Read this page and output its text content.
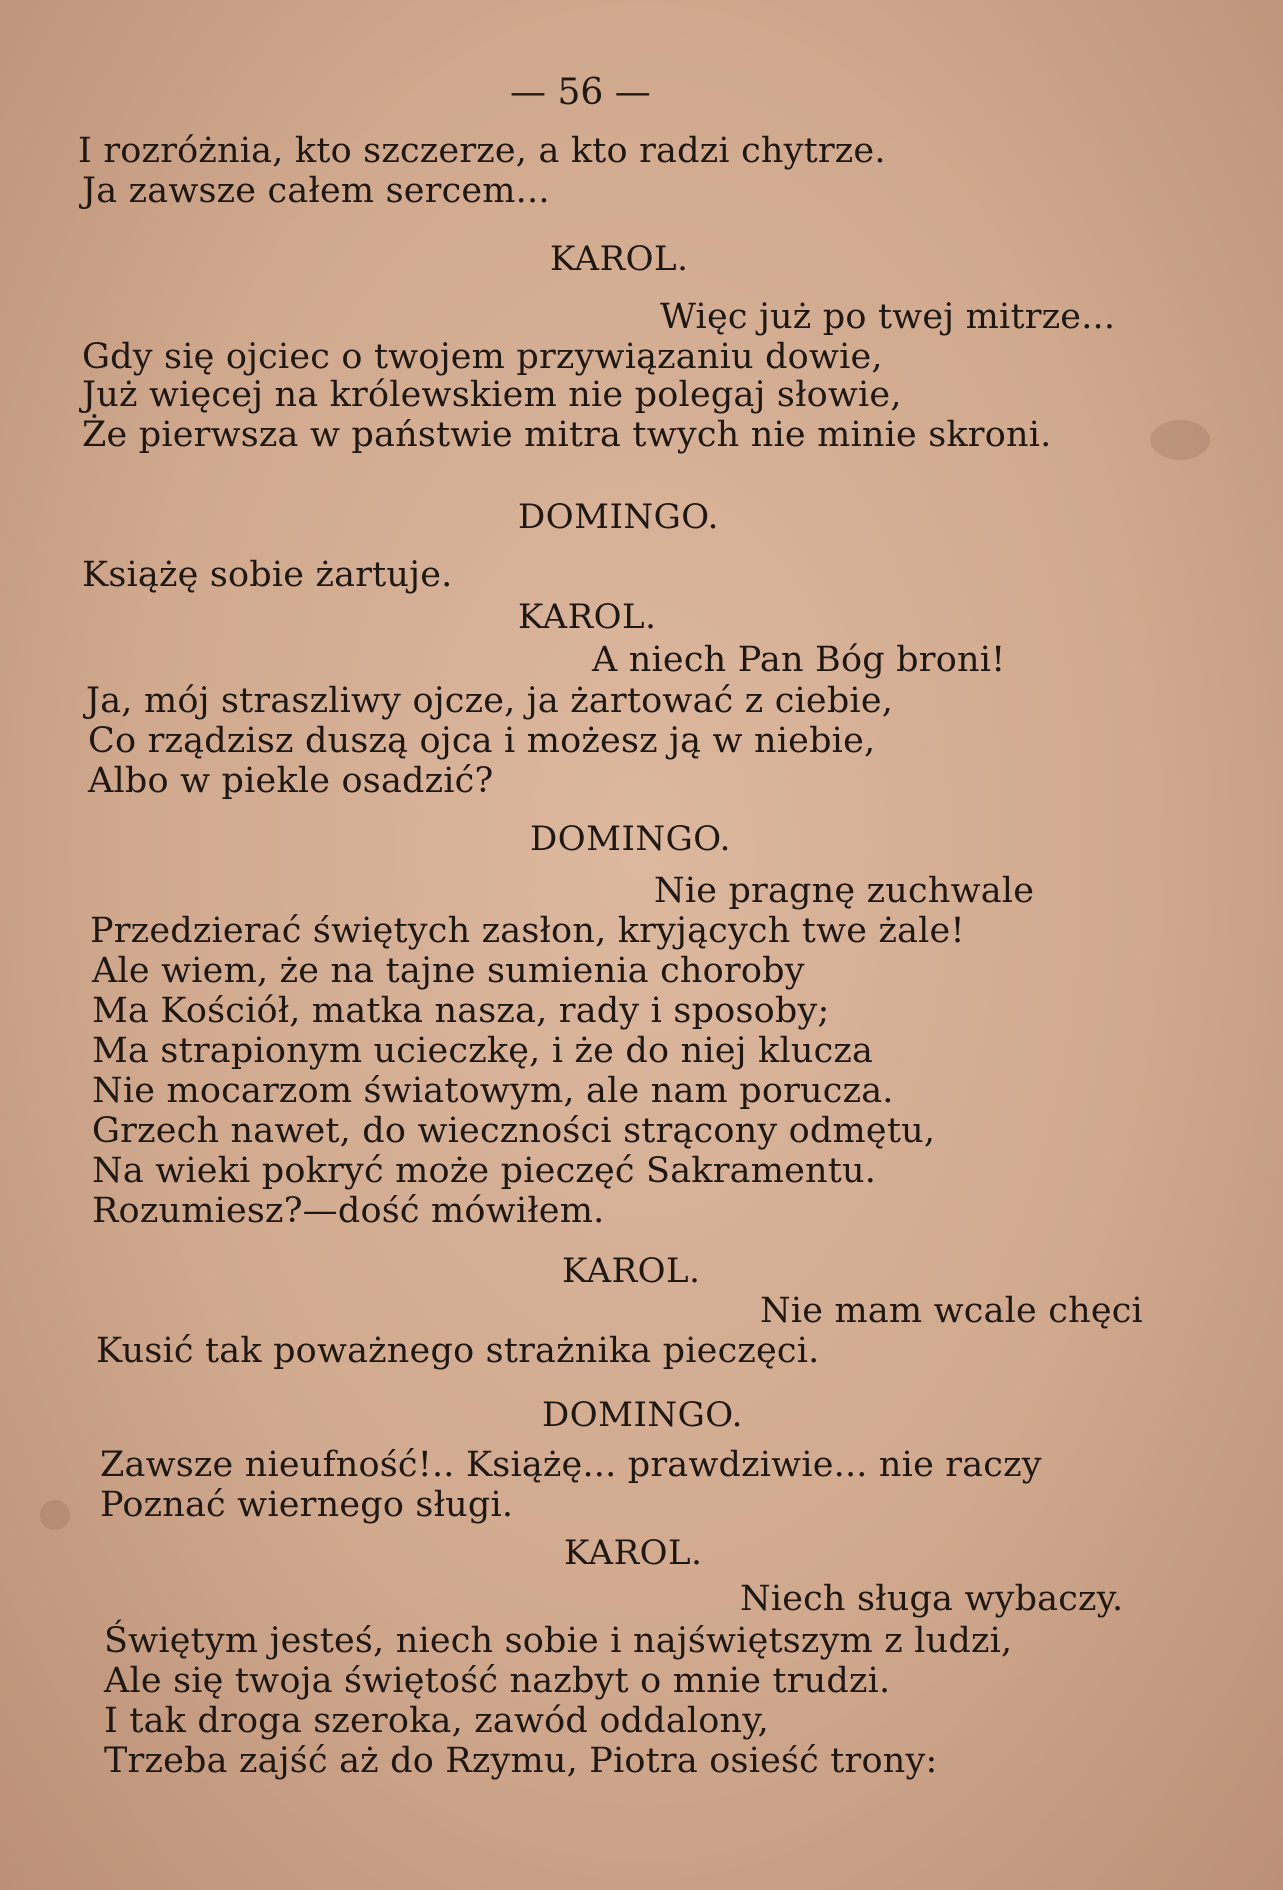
— 56 —
I rozróżnia, kto szczerze, a kto radzi chytrze.
Ja zawsze całem sercem...
KAROL.
Więc już po twej mitrze...
Gdy się ojciec o twojem przywiązaniu dowie,
Już więcej na królewskiem nie polegaj słowie,
Że pierwsza w państwie mitra twych nie minie skroni.
DOMINGO.
Książę sobie żartuje.
KAROL.
A niech Pan Bóg broni!
Ja, mój straszliwy ojcze, ja żartować z ciebie,
Co rządzisz duszą ojca i możesz ją w niebie,
Albo w piekle osadzić?
DOMINGO.
Nie pragnę zuchwale
Przedzierać świętych zasłon, kryjących twe żale!
Ale wiem, że na tajne sumienia choroby
Ma Kościół, matka nasza, rady i sposoby;
Ma strapionym ucieczkę, i że do niej klucza
Nie mocarzom światowym, ale nam porucza.
Grzech nawet, do wieczności strącony odmętu,
Na wieki pokryć może pieczęć Sakramentu.
Rozumiesz?—dość mówiłem.
KAROL.
Nie mam wcale chęci
Kusić tak poważnego strażnika pieczęci.
DOMINGO.
Zawsze nieufność!.. Książę... prawdziwie... nie raczy
Poznać wiernego sługi.
KAROL.
Niech sługa wybaczy.
Świętym jesteś, niech sobie i najświętszym z ludzi,
Ale się twoja świętość nazbyt o mnie trudzi.
I tak droga szeroka, zawód oddalony,
Trzeba zajść aż do Rzymu, Piotra osieść trony:
